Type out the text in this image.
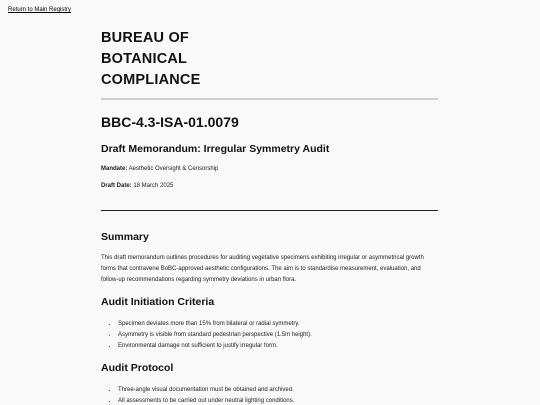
Return to Main Registry
BUREAU OF
BOTANICAL
COMPLIANCE
BBC-4.3-ISA-01.0079
Draft Memorandum: Irregular Symmetry Audit

Mandate: Aesthetic Oversight & Censorship

Draft Date: 18 March 2025

Summary

This draft memorandum outlines procedures for auditing vegetative specimens exhibiting irregular or asymmetrical growth forms that contravene BoBC-approved aesthetic configurations. The aim is to standardise measurement, evaluation, and follow-up recommendations regarding symmetry deviations in urban flora.

Audit Initiation Criteria
• Specimen deviates more than 15% from bilateral or radial symmetry.
• Asymmetry is visible from standard pedestrian perspective (1.5m height).
• Environmental damage not sufficient to justify irregular form.
Audit Protocol
• Three-angle visual documentation must be obtained and archived.
• All assessments to be carried out under neutral lighting conditions.
